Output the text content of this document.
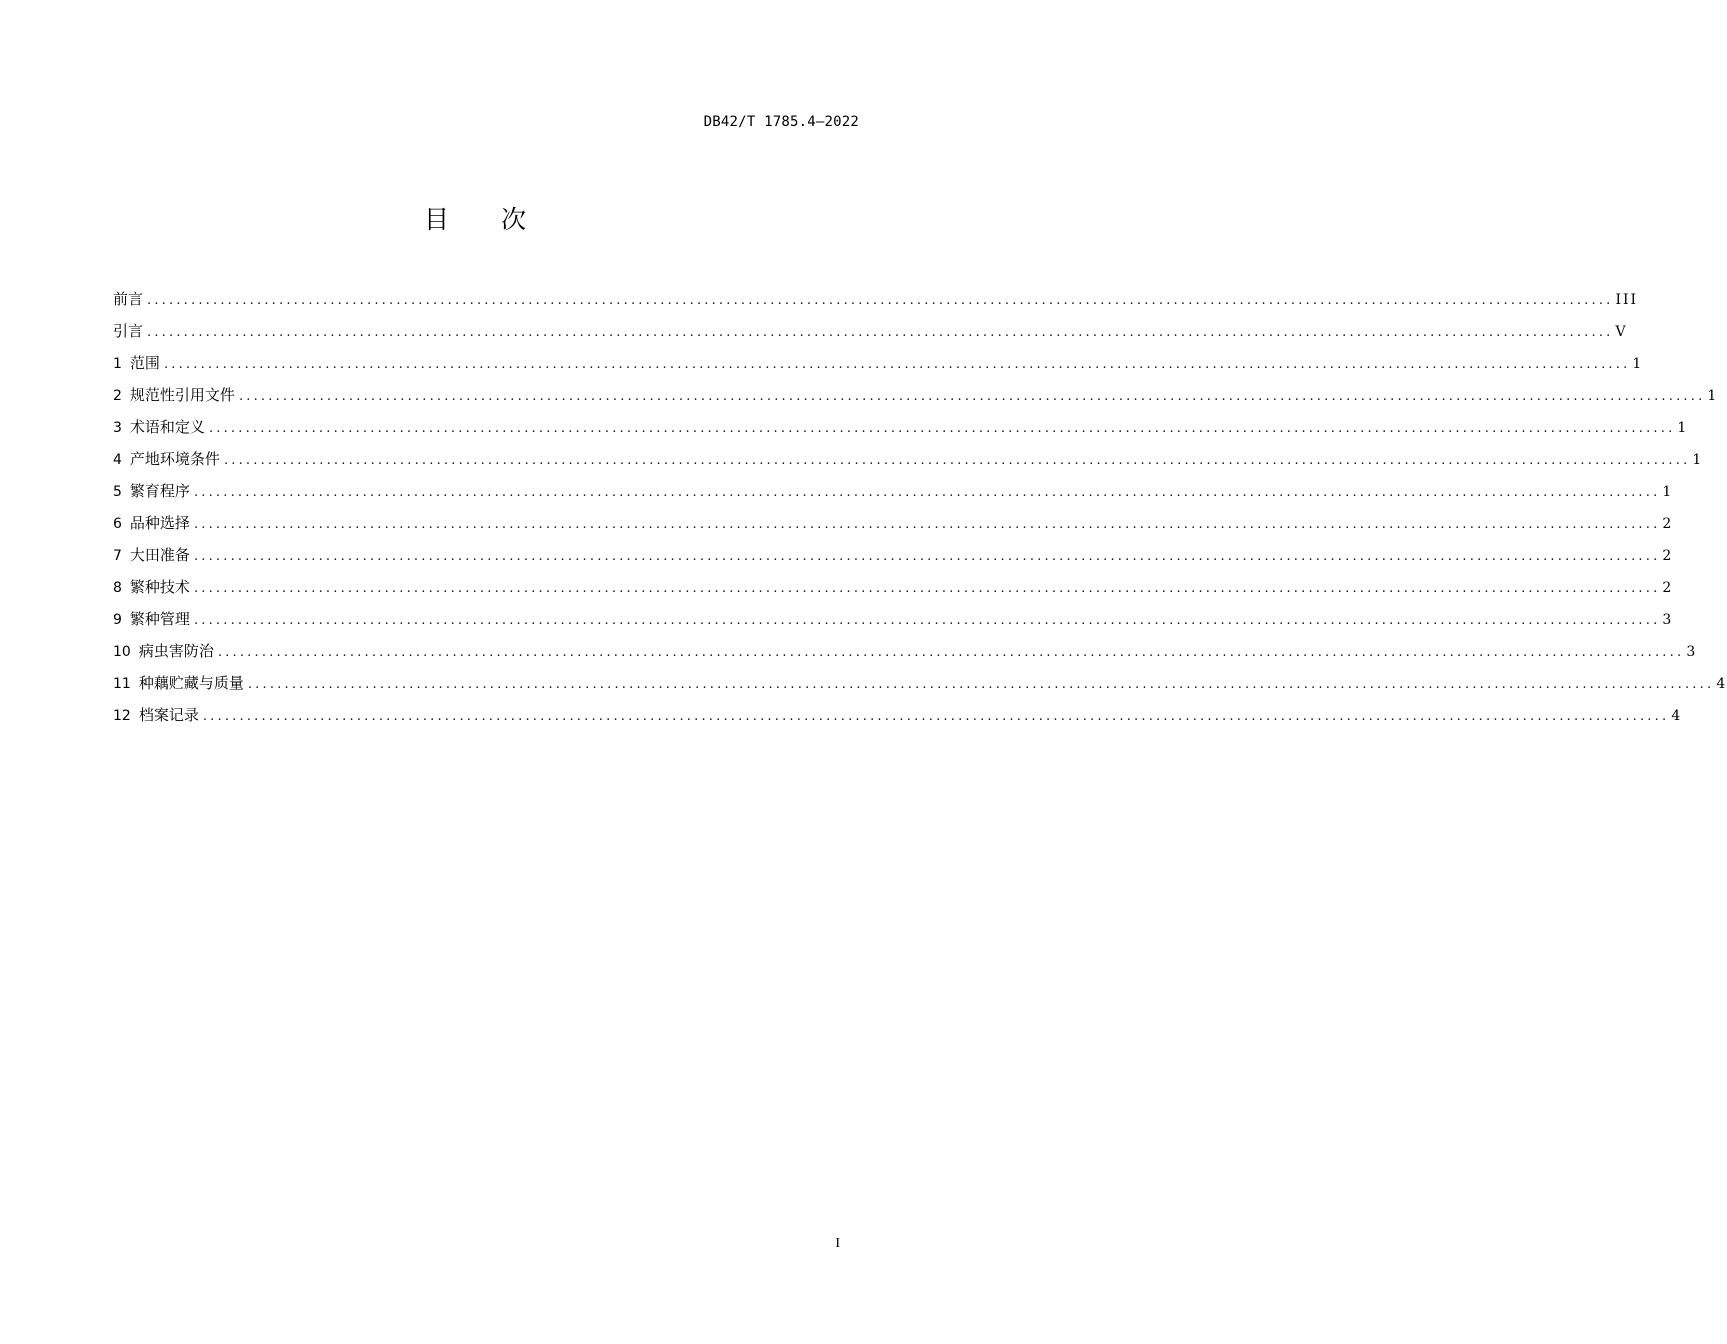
DB42/T 1785.4—2022
目 次
前言 ........................................................................................................................................................................................................ III
引言 ........................................................................................................................................................................................................ V
1 范围 ........................................................................................................................................................................................................ 1
2 规范性引用文件 ........................................................................................................................................................................................................ 1
3 术语和定义 ........................................................................................................................................................................................................ 1
4 产地环境条件 ........................................................................................................................................................................................................ 1
5 繁育程序 ........................................................................................................................................................................................................ 1
6 品种选择 ........................................................................................................................................................................................................ 2
7 大田准备 ........................................................................................................................................................................................................ 2
8 繁种技术 ........................................................................................................................................................................................................ 2
9 繁种管理 ........................................................................................................................................................................................................ 3
10 病虫害防治 ........................................................................................................................................................................................................ 3
11 种藕贮藏与质量 ........................................................................................................................................................................................................ 4
12 档案记录 ........................................................................................................................................................................................................ 4
I
